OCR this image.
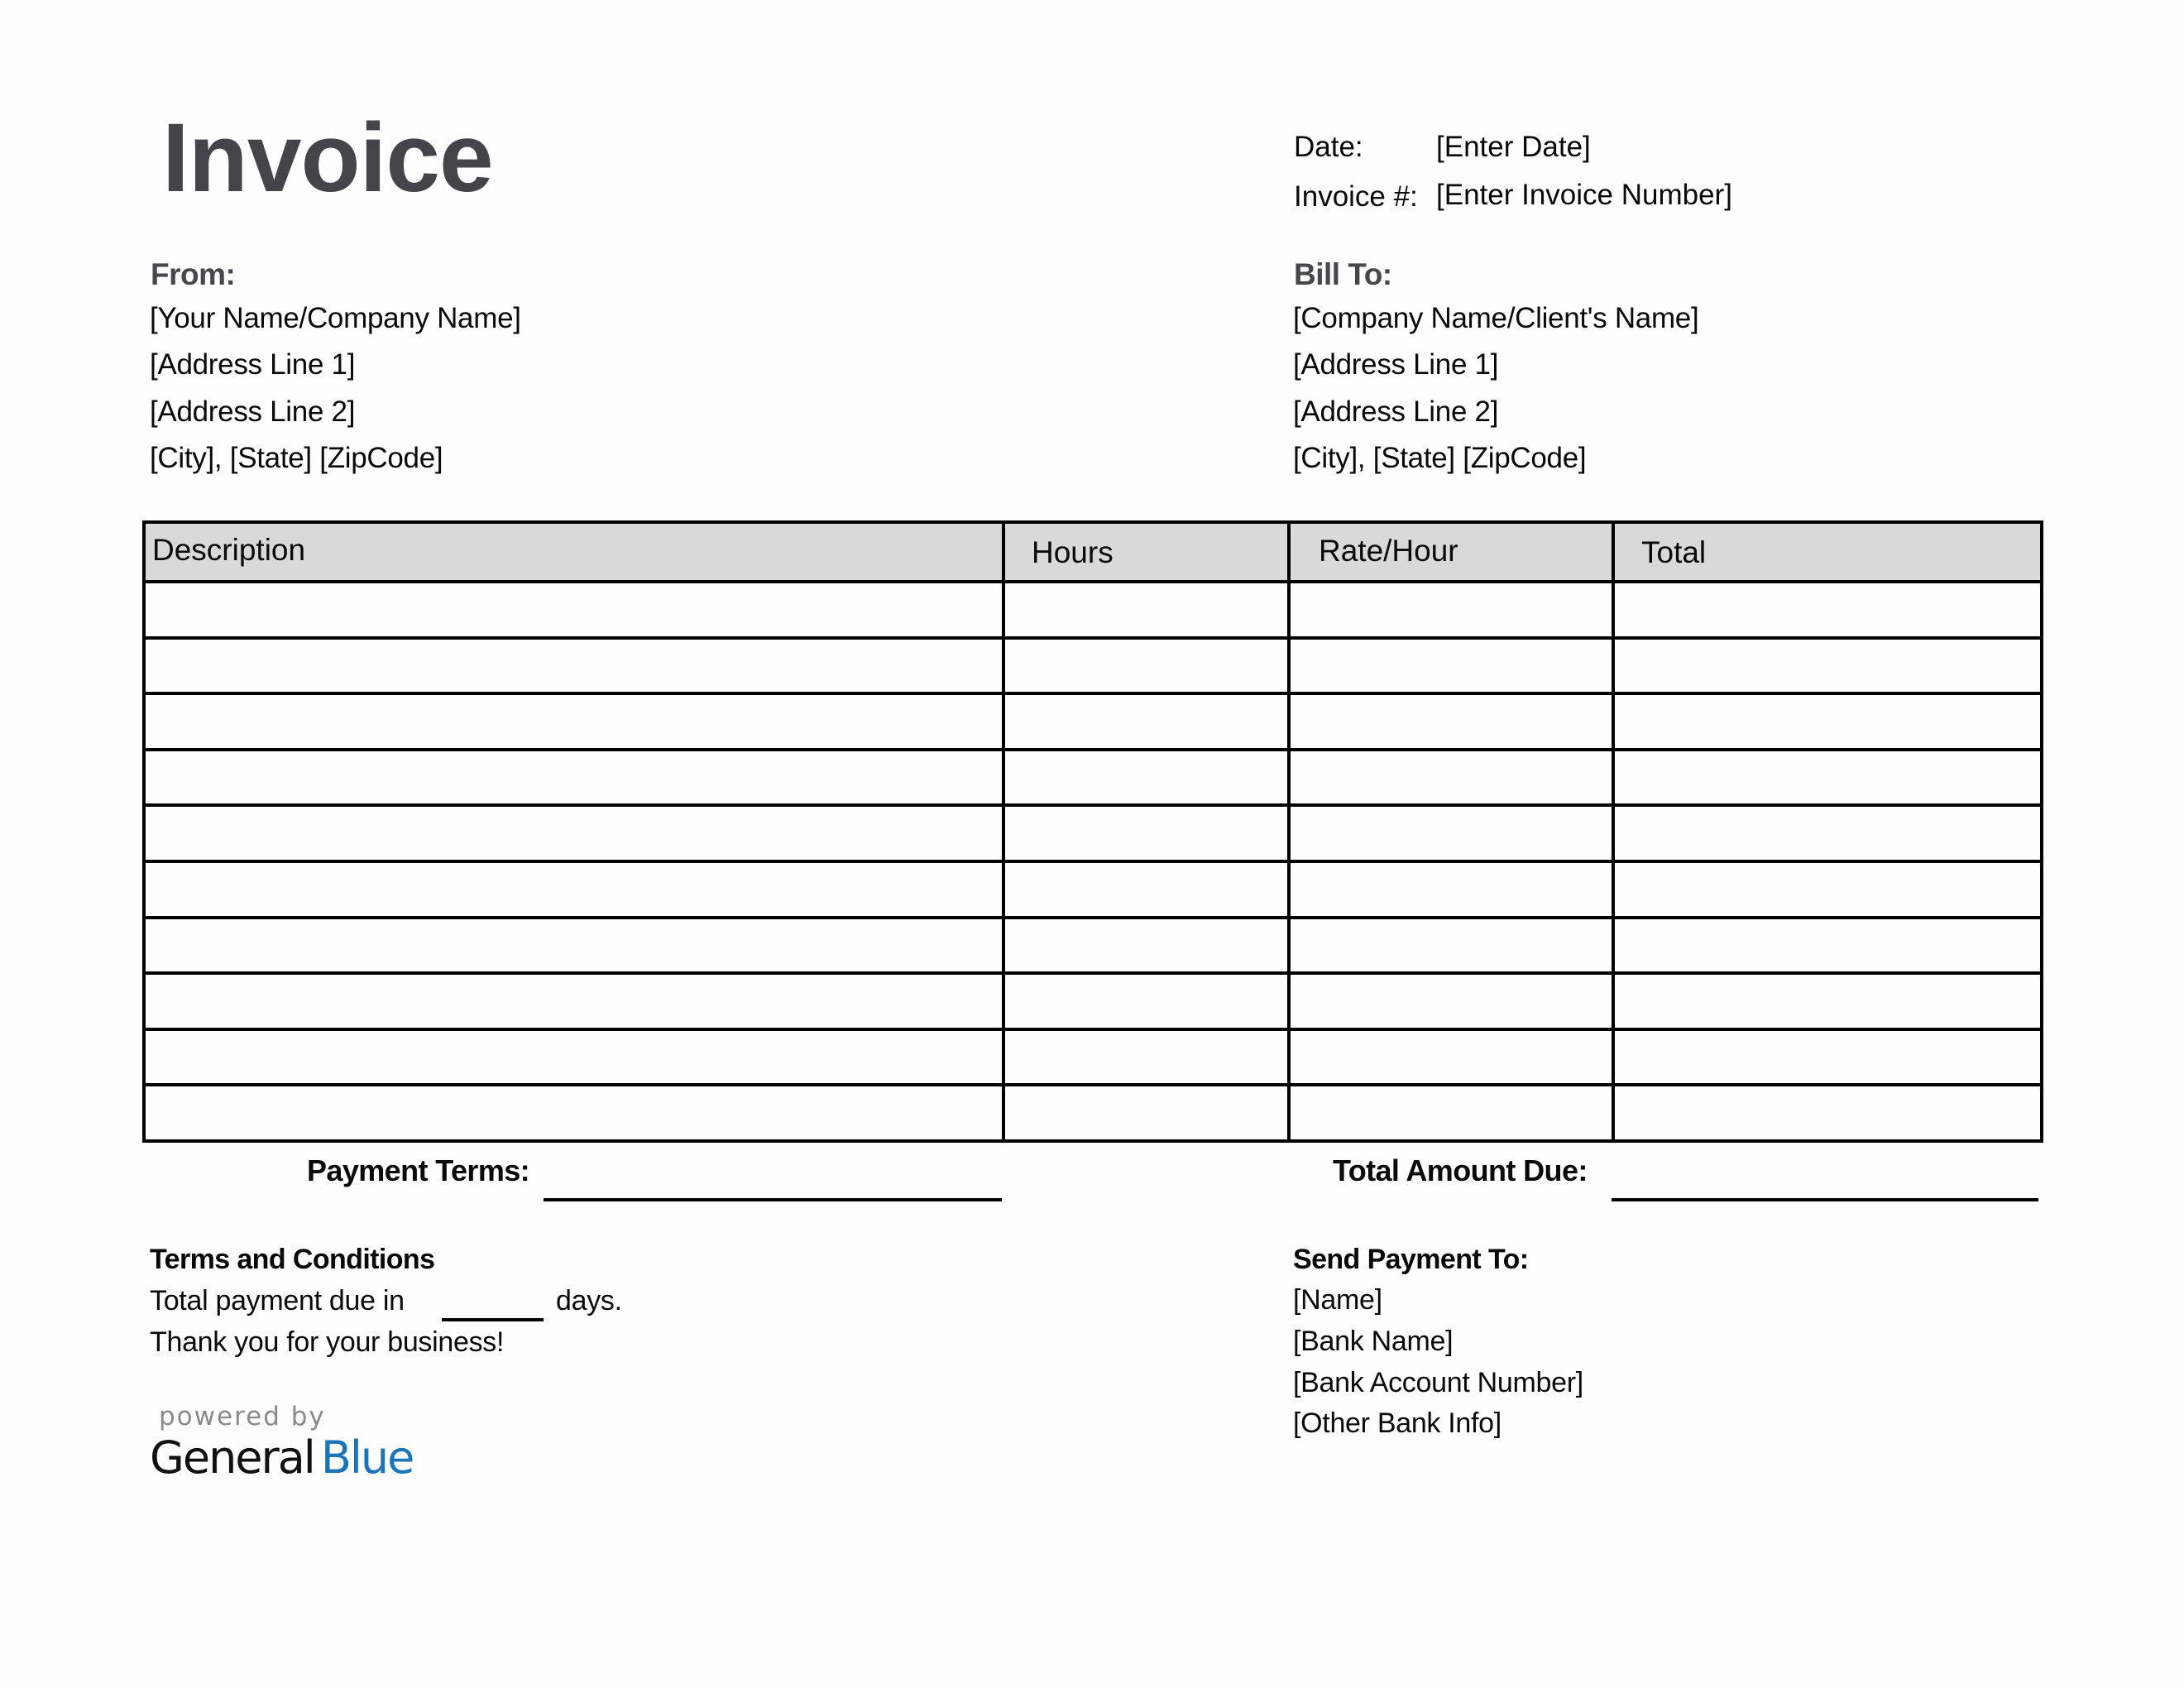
Invoice	Date:	[Enter Date]
Invoice #: [Enter Invoice Number]
From:
[Your Name/Company Name]
[Address Line 1]
[Address Line 2]
[City], [State] [ZipCode]
Bill To:
[Company Name/Client's Name]
[Address Line 1]
[Address Line 2]
[City], [State] [ZipCode]
Description	Hours	Rate/Hour	Total

Payment Terms:	Total Amount Due:
Terms and Conditions
Total payment due in	days.
Thank you for your business!
Send Payment To:
[Name]
[Bank Name]
[Bank Account Number]
[Other Bank Info]
powered by
General Blue
